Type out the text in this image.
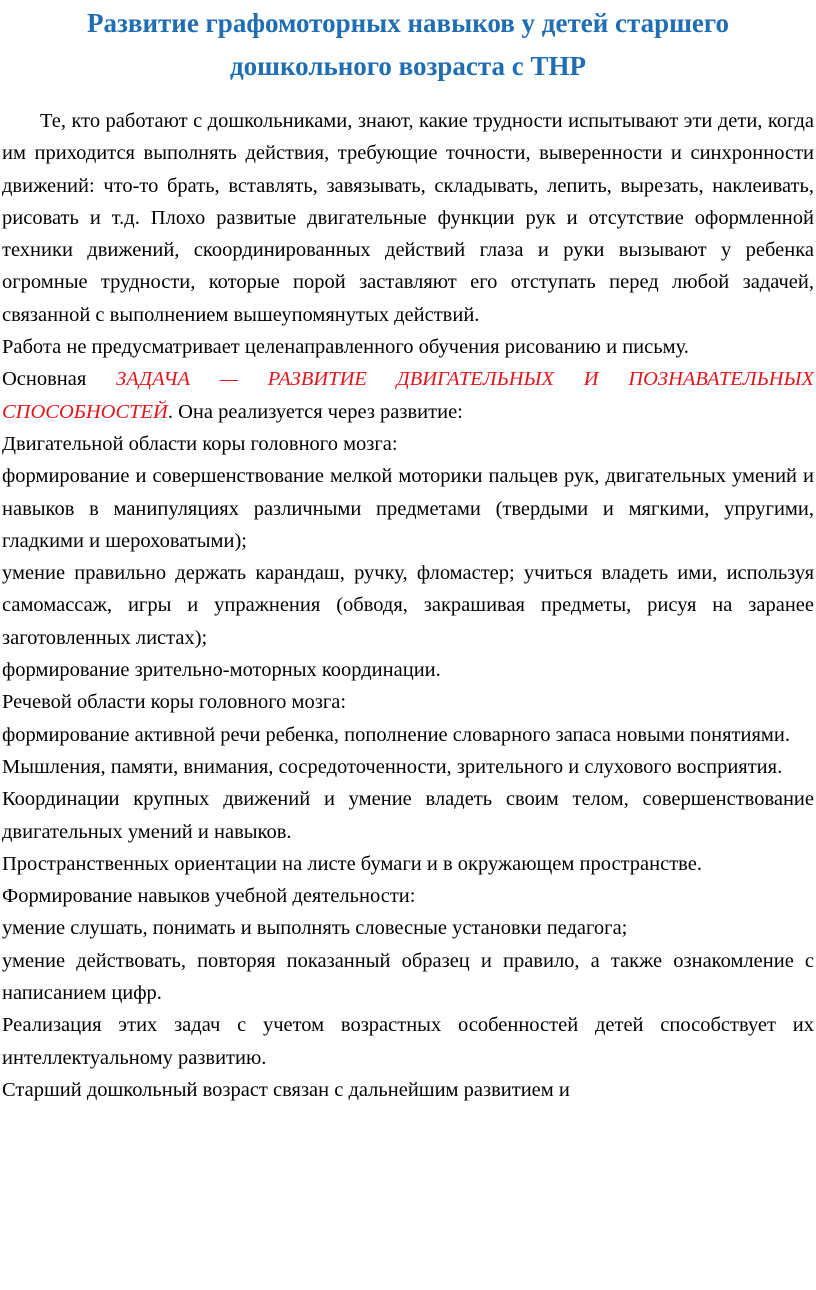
Развитие графомоторных навыков у детей старшего
дошкольного возраста с ТНР

Те, кто работают с дошкольниками, знают, какие трудности испытывают эти дети, когда им приходится выполнять действия, требующие точности, выверенности и синхронности движений: что-то брать, вставлять, завязывать, складывать, лепить, вырезать, наклеивать, рисовать и т.д. Плохо развитые двигательные функции рук и отсутствие оформленной техники движений, скоординированных действий глаза и руки вызывают у ребенка огромные трудности, которые порой заставляют его отступать перед любой задачей, связанной с выполнением вышеупомянутых действий.

Работа не предусматривает целенаправленного обучения рисованию и письму.

Основная ЗАДАЧА — РАЗВИТИЕ ДВИГАТЕЛЬНЫХ И ПОЗНАВАТЕЛЬНЫХ СПОСОБНОСТЕЙ. Она реализуется через развитие:

Двигательной области коры головного мозга:

формирование и совершенствование мелкой моторики пальцев рук, двигательных умений и навыков в манипуляциях различными предметами (твердыми и мягкими, упругими, гладкими и шероховатыми);

умение правильно держать карандаш, ручку, фломастер; учиться владеть ими, используя самомассаж, игры и упражнения (обводя, закрашивая предметы, рисуя на заранее заготовленных листах);

формирование зрительно-моторных координации.

Речевой области коры головного мозга:

формирование активной речи ребенка, пополнение словарного запаса новыми понятиями.

Мышления, памяти, внимания, сосредоточенности, зрительного и слухового восприятия.

Координации крупных движений и умение владеть своим телом, совершенствование двигательных умений и навыков.

Пространственных ориентации на листе бумаги и в окружающем пространстве.

Формирование навыков учебной деятельности:

умение слушать, понимать и выполнять словесные установки педагога;

умение действовать, повторяя показанный образец и правило, а также ознакомление с написанием цифр.

Реализация этих задач с учетом возрастных особенностей детей способствует их интеллектуальному развитию.

Старший дошкольный возраст связан с дальнейшим развитием и
